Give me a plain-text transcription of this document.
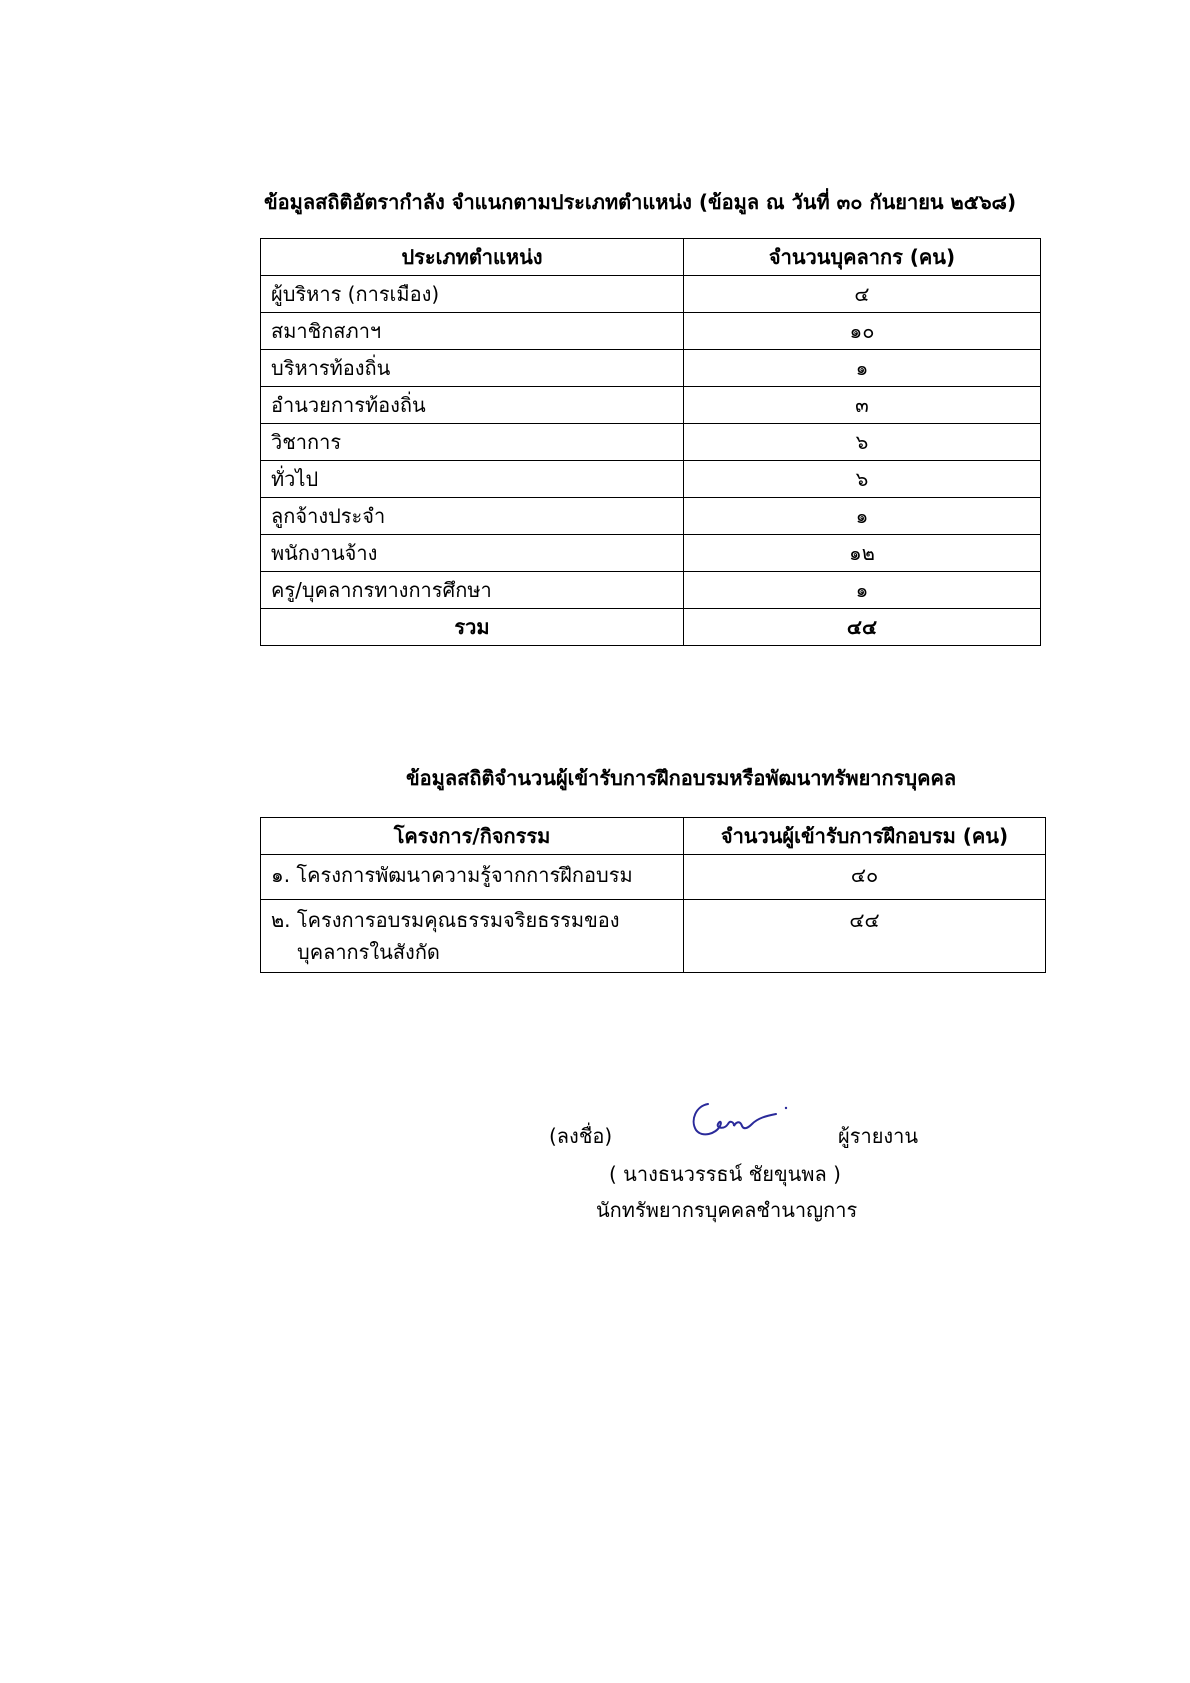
ข้อมูลสถิติอัตรากำลัง จำแนกตามประเภทตำแหน่ง (ข้อมูล ณ วันที่ ๓๐ กันยายน ๒๕๖๘)
ประเภทตำแหน่ง	จำนวนบุคลากร (คน)
ผู้บริหาร (การเมือง)	๔
สมาชิกสภาฯ	๑๐
บริหารท้องถิ่น	๑
อำนวยการท้องถิ่น	๓
วิชาการ	๖
ทั่วไป	๖
ลูกจ้างประจำ	๑
พนักงานจ้าง	๑๒
ครู/บุคลากรทางการศึกษา	๑
รวม	๔๔
ข้อมูลสถิติจำนวนผู้เข้ารับการฝึกอบรมหรือพัฒนาทรัพยากรบุคคล
โครงการ/กิจกรรม	จำนวนผู้เข้ารับการฝึกอบรม (คน)

๑. โครงการพัฒนาความรู้จากการฝึกอบรม	๔๐

๒. โครงการอบรมคุณธรรมจริยธรรมของ
บุคลากรในสังกัด	๔๔
(ลงชื่อ)	ผู้รายงาน
( นางธนวรรธน์ ชัยขุนพล )
นักทรัพยากรบุคคลชำนาญการ
